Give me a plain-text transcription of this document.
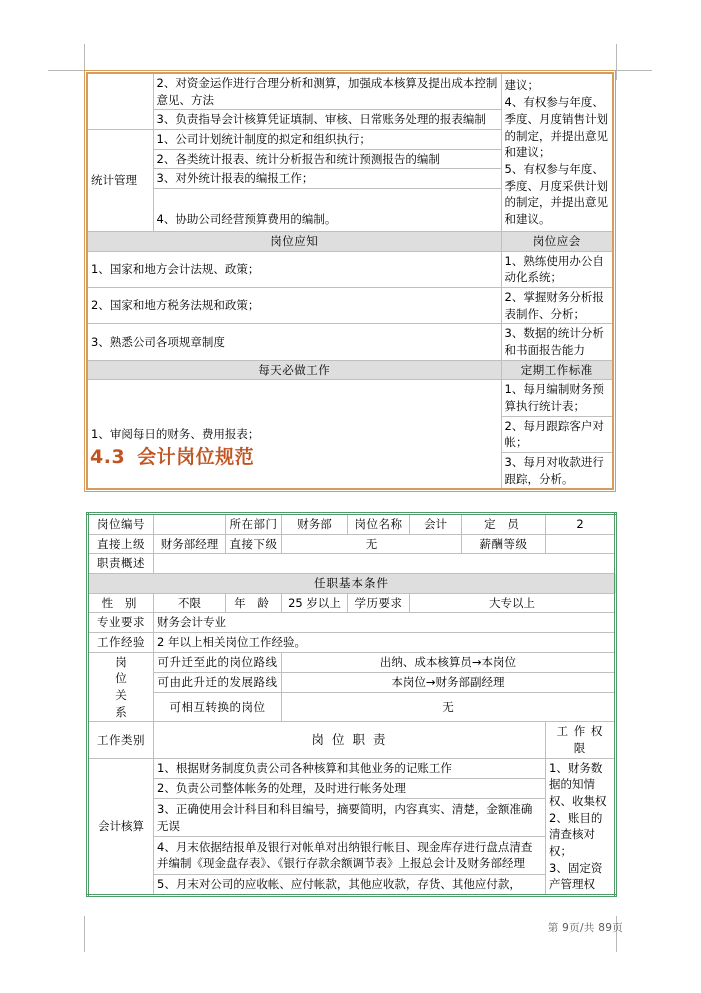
	2、对资金运作进行合理分析和测算，加强成本核算及提出成本控制意见、方法	建议；
4、有权参与年度、季度、月度销售计划的制定，并提出意见和建议；
5、有权参与年度、季度、月度采供计划的制定，并提出意见和建议。

	3、负责指导会计核算凭证填制、审核、日常账务处理的报表编制	
统计管理	1、公司计划统计制度的拟定和组织执行；	
	2、各类统计报表、统计分析报告和统计预测报告的编制	
	3、对外统计报表的编报工作；	
	4、协助公司经营预算费用的编制。	
岗位应知		岗位应会
1、国家和地方会计法规、政策；		1、熟练使用办公自动化系统；
2、国家和地方税务法规和政策；		2、掌握财务分析报表制作、分析；
3、熟悉公司各项规章制度		3、数据的统计分析和书面报告能力
每天必做工作		定期工作标准
1、审阅每日的财务、费用报表；		1、每月编制财务预算执行统计表；
		2、每月跟踪客户对帐；
		3、每月对收款进行跟踪，分析。
4.3 会计岗位规范
岗位编号		所在部门	财务部	岗位名称	会计	定 员	2
直接上级	财务部经理	直接下级	无			薪酬等级	
职责概述							
任职基本条件							
性 别	不限	年 龄	25 岁以上	学历要求	大专以上		
专业要求	财务会计专业						
工作经验	2 年以上相关岗位工作经验。						

岗
位
关
系	可升迁至此的岗位路线		出纳、成本核算员→本岗位				
	可由此升迁的发展路线		本岗位→财务部副经理				
	可相互转换的岗位		无				
工作类别	岗 位 职 责						工 作 权 限
会计核算	1、根据财务制度负责公司各种核算和其他业务的记账工作						1、财务数据的知情权、收集权
2、账目的清查核对权；
3、固定资产管理权

	2、负责公司整体帐务的处理，及时进行帐务处理						
	3、正确使用会计科目和科目编号，摘要简明，内容真实、清楚，金额准确无误						
	4、月末依据结报单及银行对帐单对出纳银行帐目、现金库存进行盘点清查并编制《现金盘存表》、《银行存款余额调节表》上报总会计及财务部经理						
	5、月末对公司的应收帐、应付帐款，其他应收款，存货、其他应付款，						
第 9页/共 89页
